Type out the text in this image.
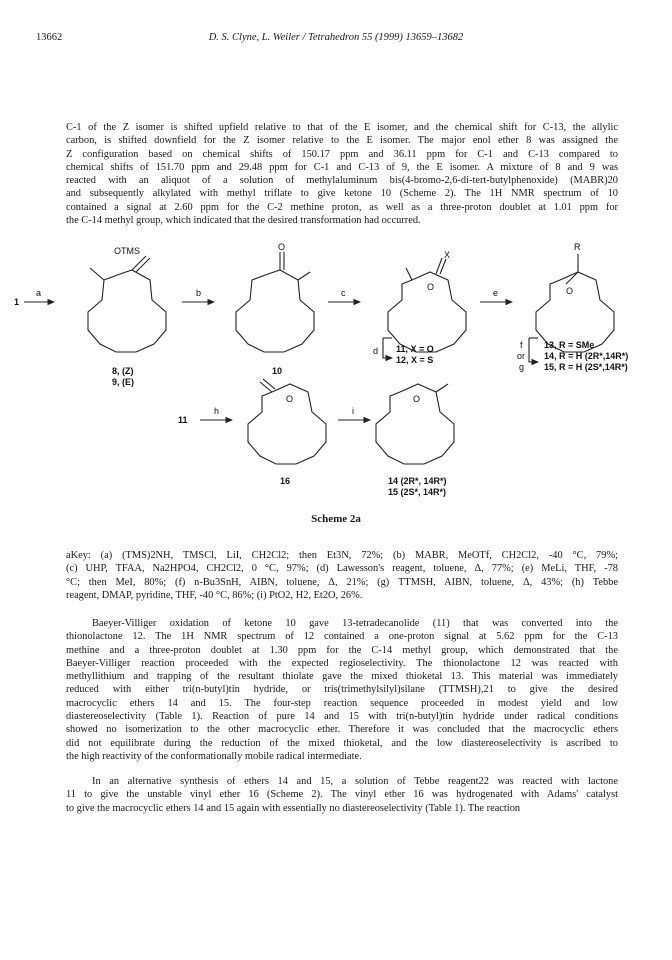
13662	D. S. Clyne, L. Weiler / Tetrahedron 55 (1999) 13659–13682

C-1 of the Z isomer is shifted upfield relative to that of the E isomer, and the chemical shift for C-13, the allylic
carbon, is shifted downfield for the Z isomer relative to the E isomer. The major enol ether 8 was assigned the
Z configuration based on chemical shifts of 150.17 ppm and 36.11 ppm for C-1 and C-13 compared to
chemical shifts of 151.70 ppm and 29.48 ppm for C-1 and C-13 of 9, the E isomer. A mixture of 8 and 9 was
reacted with an aliquot of a solution of methylaluminum bis(4-bromo-2,6-di-tert-butylphenoxide) (MABR)20
and subsequently alkylated with methyl triflate to give ketone 10 (Scheme 2). The 1H NMR spectrum of 10
contained a signal at 2.60 ppm for the C-2 methine proton, as well as a three-proton doublet at 1.01 ppm for
the C-14 methyl group, which indicated that the desired transformation had occurred.

1
a
OTMS
8, (Z)
9, (E)
b
O
10
c
X
O
d 11, X = O
12, X = S
e
R
O
f
or
g
13, R = SMe
14, R = H (2R*,14R*)
15, R = H (2S*,14R*)
11
h
O
16
i
O
14 (2R*, 14R*)
15 (2S*, 14R*)
Scheme 2a

aKey: (a) (TMS)2NH, TMSCl, LiI, CH2Cl2; then Et3N, 72%; (b) MABR, MeOTf, CH2Cl2, -40 °C, 79%;
(c) UHP, TFAA, Na2HPO4, CH2Cl2, 0 °C, 97%; (d) Lawesson's reagent, toluene, Δ, 77%; (e) MeLi, THF, -78
°C; then MeI, 80%; (f) n-Bu3SnH, AIBN, toluene, Δ, 21%; (g) TTMSH, AIBN, toluene, Δ, 43%; (h) Tebbe
reagent, DMAP, pyridine, THF, -40 °C, 86%; (i) PtO2, H2, Et2O, 26%.

Baeyer-Villiger oxidation of ketone 10 gave 13-tetradecanolide (11) that was converted into the
thionolactone 12. The 1H NMR spectrum of 12 contained a one-proton signal at 5.62 ppm for the C-13
methine and a three-proton doublet at 1.30 ppm for the C-14 methyl group, which demonstrated that the
Baeyer-Villiger reaction proceeded with the expected regioselectivity. The thionolactone 12 was reacted with
methyllithium and trapping of the resultant thiolate gave the mixed thioketal 13. This material was immediately
reduced with either tri(n-butyl)tin hydride, or tris(trimethylsilyl)silane (TTMSH),21 to give the desired
macrocyclic ethers 14 and 15. The four-step reaction sequence proceeded in modest yield and low
diastereoselectivity (Table 1). Reaction of pure 14 and 15 with tri(n-butyl)tin hydride under radical conditions
showed no isomerization to the other macrocyclic ether. Therefore it was concluded that the macrocyclic ethers
did not equilibrate during the reduction of the mixed thioketal, and the low diastereoselectivity is ascribed to
the high reactivity of the conformationally mobile radical intermediate.

In an alternative synthesis of ethers 14 and 15, a solution of Tebbe reagent22 was reacted with lactone
11 to give the unstable vinyl ether 16 (Scheme 2). The vinyl ether 16 was hydrogenated with Adams' catalyst
to give the macrocyclic ethers 14 and 15 again with essentially no diastereoselectivity (Table 1). The reaction
